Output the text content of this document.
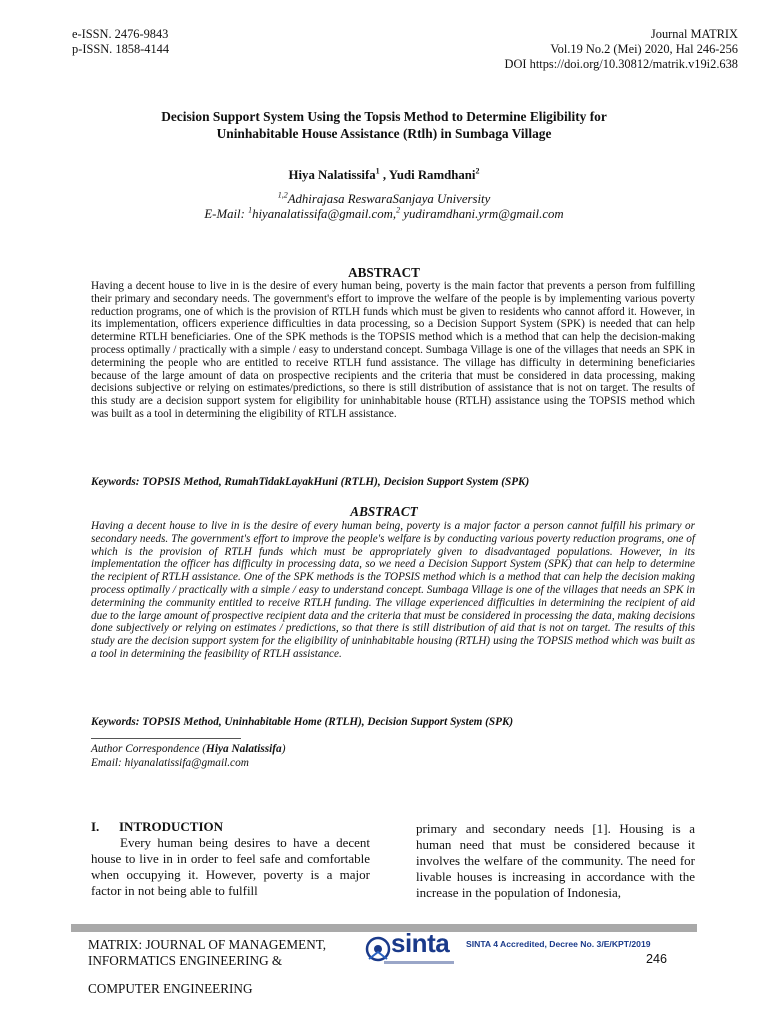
e-ISSN. 2476-9843
p-ISSN. 1858-4144
Journal MATRIX
Vol.19 No.2 (Mei) 2020, Hal 246-256
DOI https://doi.org/10.30812/matrik.v19i2.638
Decision Support System Using the Topsis Method to Determine Eligibility for
Uninhabitable House Assistance (Rtlh) in Sumbaga Village
Hiya Nalatissifa$^1$ , Yudi Ramdhani$^2$
$^{1,2}$Adhirajasa ReswaraSanjaya University
E-Mail: $^1$hiyanalatissifa@gmail.com,$^2$ yudiramdhani.yrm@gmail.com
ABSTRACT
Having a decent house to live in is the desire of every human being, poverty is the main factor that prevents a person from fulfilling their primary and secondary needs. The government's effort to improve the welfare of the people is by implementing various poverty reduction programs, one of which is the provision of RTLH funds which must be given to residents who cannot afford it. However, in its implementation, officers experience difficulties in data processing, so a Decision Support System (SPK) is needed that can help determine RTLH beneficiaries. One of the SPK methods is the TOPSIS method which is a method that can help the decision-making process optimally / practically with a simple / easy to understand concept. Sumbaga Village is one of the villages that needs an SPK in determining the people who are entitled to receive RTLH fund assistance. The village has difficulty in determining beneficiaries because of the large amount of data on prospective recipients and the criteria that must be considered in data processing, making decisions subjective or relying on estimates/predictions, so there is still distribution of assistance that is not on target. The results of this study are a decision support system for eligibility for uninhabitable house (RTLH) assistance using the TOPSIS method which was built as a tool in determining the eligibility of RTLH assistance.
Keywords: TOPSIS Method, RumahTidakLayakHuni (RTLH), Decision Support System (SPK)
ABSTRACT
Having a decent house to live in is the desire of every human being, poverty is a major factor a person cannot fulfill his primary or secondary needs. The government's effort to improve the people's welfare is by conducting various poverty reduction programs, one of which is the provision of RTLH funds which must be appropriately given to disadvantaged populations. However, in its implementation the officer has difficulty in processing data, so we need a Decision Support System (SPK) that can help to determine the recipient of RTLH assistance. One of the SPK methods is the TOPSIS method which is a method that can help the decision making process optimally / practically with a simple / easy to understand concept. Sumbaga Village is one of the villages that needs an SPK in determining the community entitled to receive RTLH funding. The village experienced difficulties in determining the recipient of aid due to the large amount of prospective recipient data and the criteria that must be considered in processing the data, making decisions done subjectively or relying on estimates / predictions, so that there is still distribution of aid that is not on target. The results of this study are the decision support system for the eligibility of uninhabitable housing (RTLH) using the TOPSIS method which was built as a tool in determining the feasibility of RTLH assistance.
Keywords: TOPSIS Method, Uninhabitable Home (RTLH), Decision Support System (SPK)
Author Correspondence (Hiya Nalatissifa)
Email: hiyanalatissifa@gmail.com
I. INTRODUCTION
Every human being desires to have a decent house to live in in order to feel safe and comfortable when occupying it. However, poverty is a major factor in not being able to fulfill
primary and secondary needs [1]. Housing is a human need that must be considered because it involves the welfare of the community. The need for livable houses is increasing in accordance with the increase in the population of Indonesia,
MATRIX: JOURNAL OF MANAGEMENT,
INFORMATICS ENGINEERING &
COMPUTER ENGINEERING
sinta SINTA 4 Accredited, Decree No. 3/E/KPT/2019
246
